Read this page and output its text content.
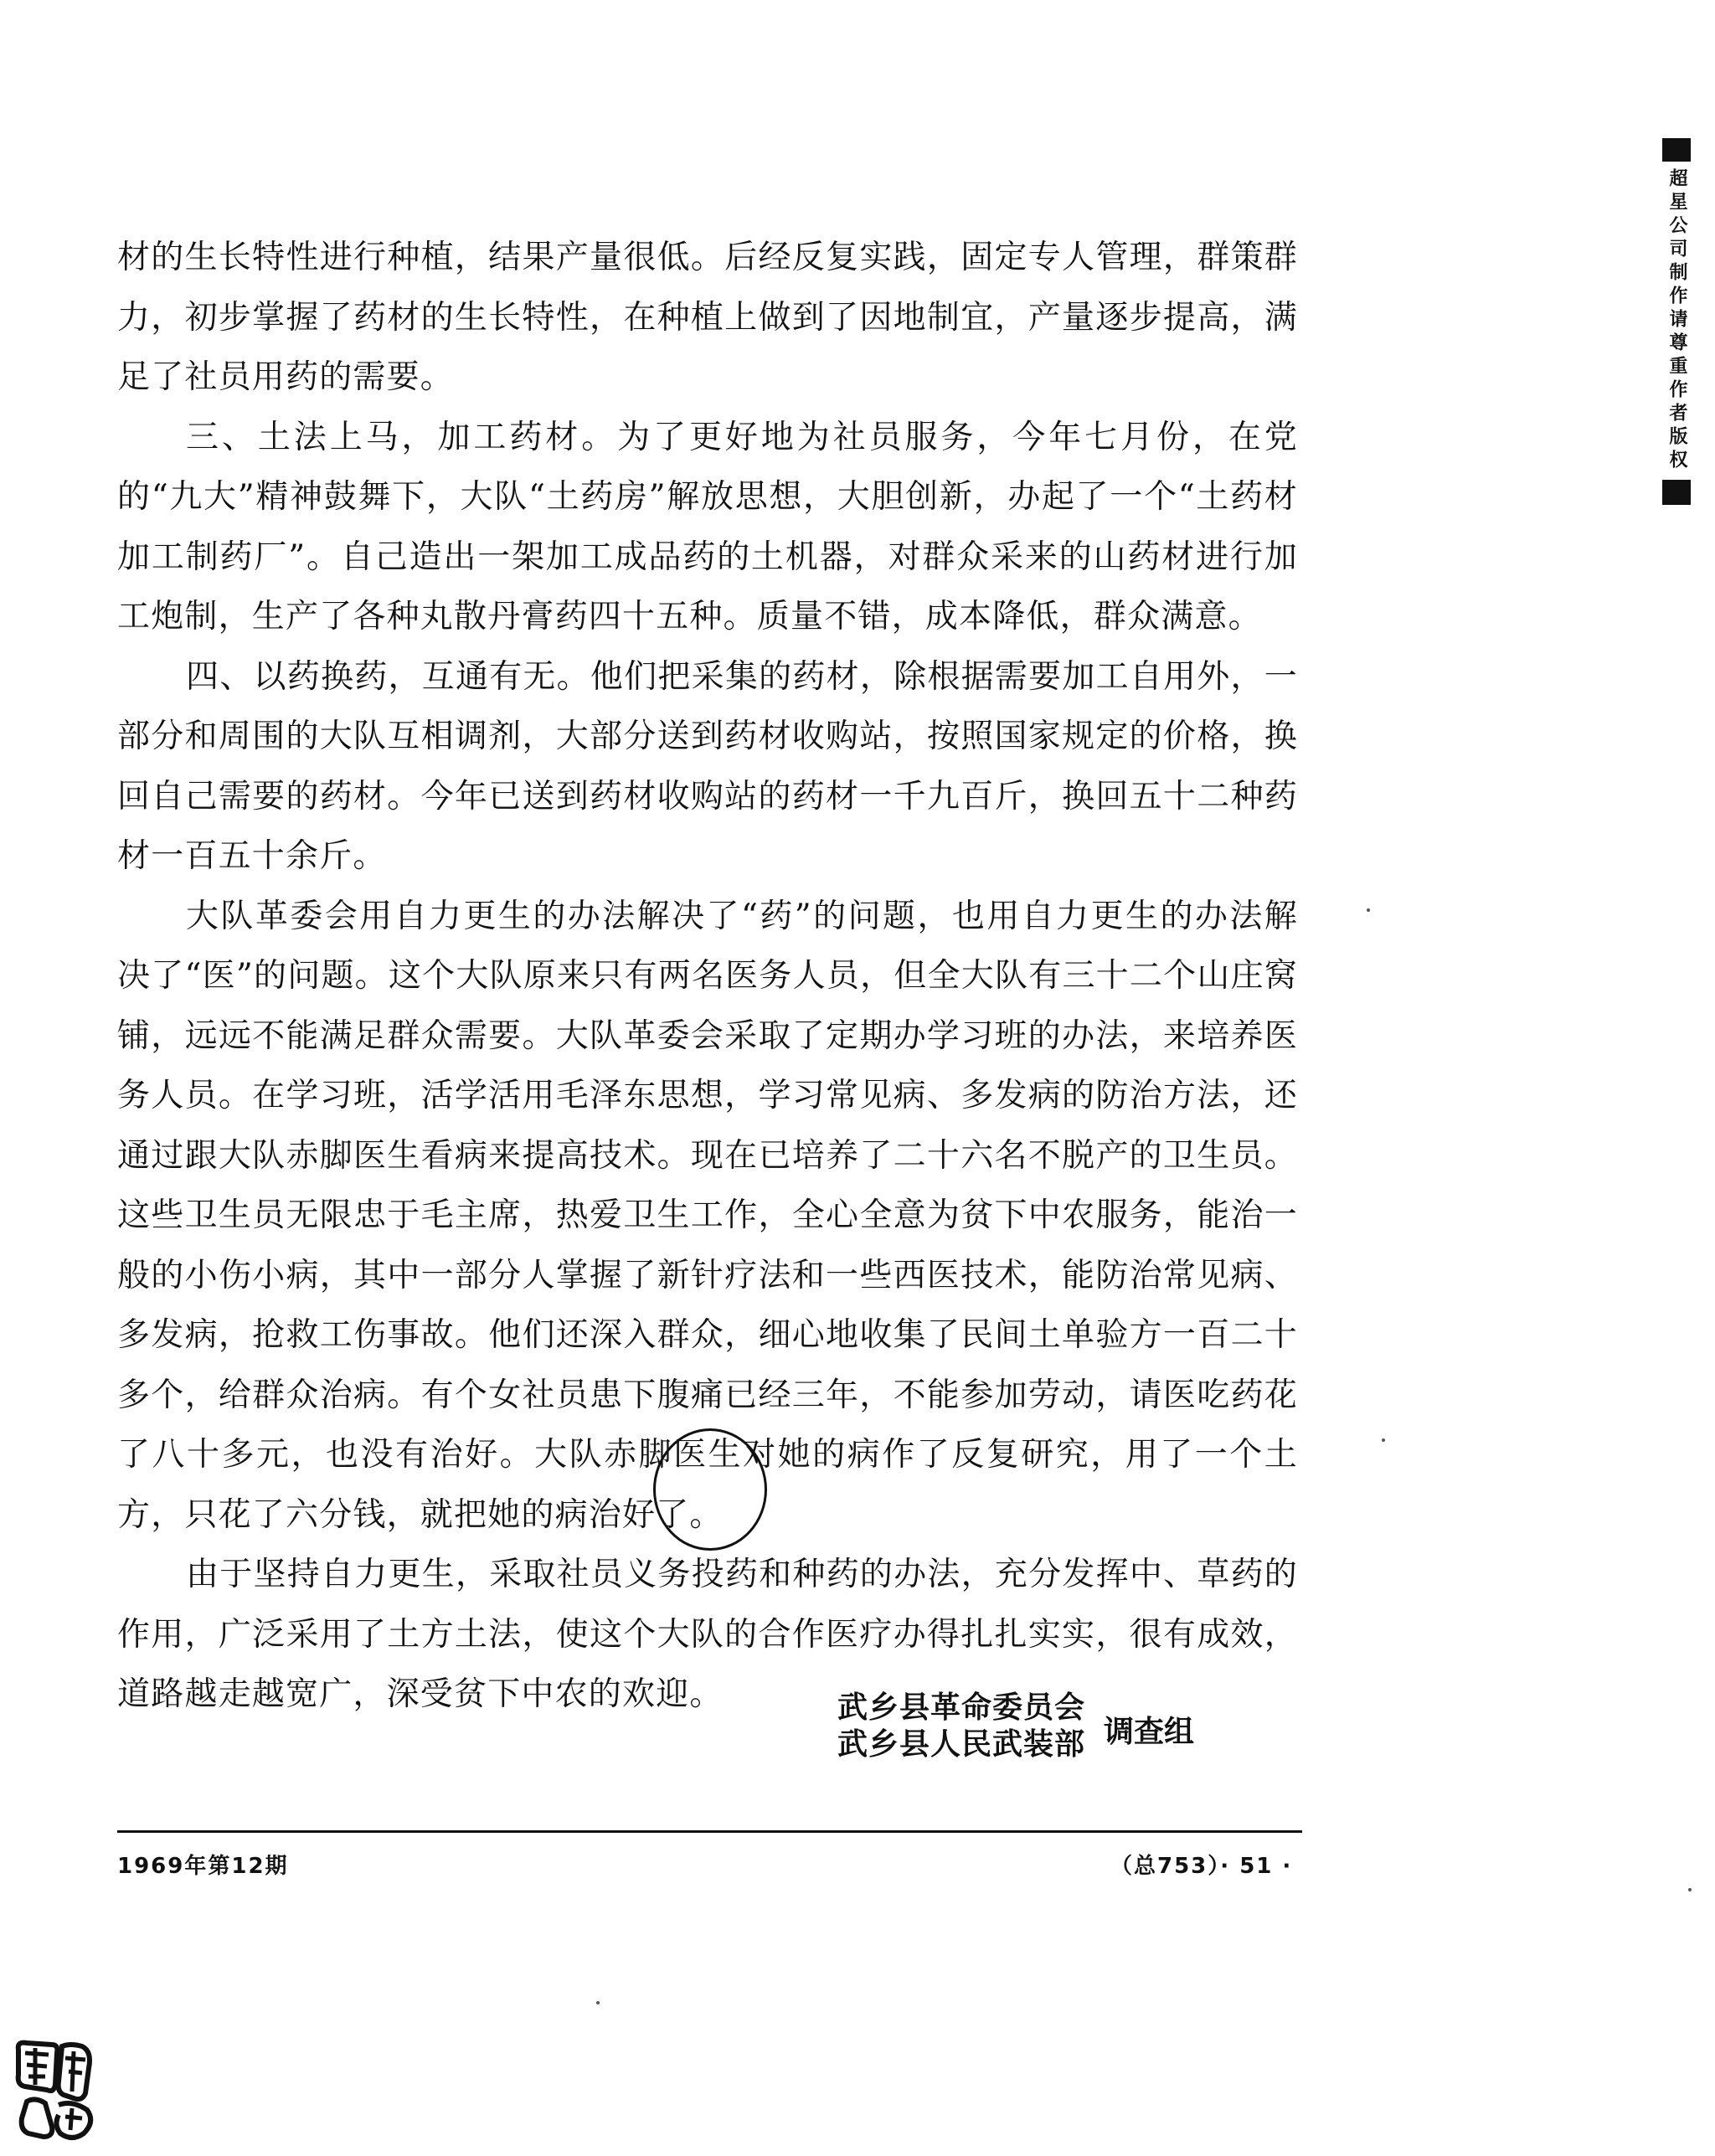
材的生长特性进行种植，结果产量很低。后经反复实践，固定专人管理，群策群力，初步掌握了药材的生长特性，在种植上做到了因地制宜，产量逐步提高，满足了社员用药的需要。

三、土法上马，加工药材。为了更好地为社员服务，今年七月份，在党的“九大”精神鼓舞下，大队“土药房”解放思想，大胆创新，办起了一个“土药材加工制药厂”。自己造出一架加工成品药的土机器，对群众采来的山药材进行加工炮制，生产了各种丸散丹膏药四十五种。质量不错，成本降低，群众满意。

四、以药换药，互通有无。他们把采集的药材，除根据需要加工自用外，一部分和周围的大队互相调剂，大部分送到药材收购站，按照国家规定的价格，换回自己需要的药材。今年已送到药材收购站的药材一千九百斤，换回五十二种药材一百五十余斤。

大队革委会用自力更生的办法解决了“药”的问题，也用自力更生的办法解决了“医”的问题。这个大队原来只有两名医务人员，但全大队有三十二个山庄窝铺，远远不能满足群众需要。大队革委会采取了定期办学习班的办法，来培养医务人员。在学习班，活学活用毛泽东思想，学习常见病、多发病的防治方法，还通过跟大队赤脚医生看病来提高技术。现在已培养了二十六名不脱产的卫生员。这些卫生员无限忠于毛主席，热爱卫生工作，全心全意为贫下中农服务，能治一般的小伤小病，其中一部分人掌握了新针疗法和一些西医技术，能防治常见病、多发病，抢救工伤事故。他们还深入群众，细心地收集了民间土单验方一百二十多个，给群众治病。有个女社员患下腹痛已经三年，不能参加劳动，请医吃药花了八十多元，也没有治好。大队赤脚医生对她的病作了反复研究，用了一个土方，只花了六分钱，就把她的病治好了。

由于坚持自力更生，采取社员义务投药和种药的办法，充分发挥中、草药的作用，广泛采用了土方土法，使这个大队的合作医疗办得扎扎实实，很有成效，道路越走越宽广，深受贫下中农的欢迎。	武乡县革命委员会
武乡县人民武装部 调查组
1969年第12期	（总753）· 51 ·
超星公司制作请尊重作者版权
